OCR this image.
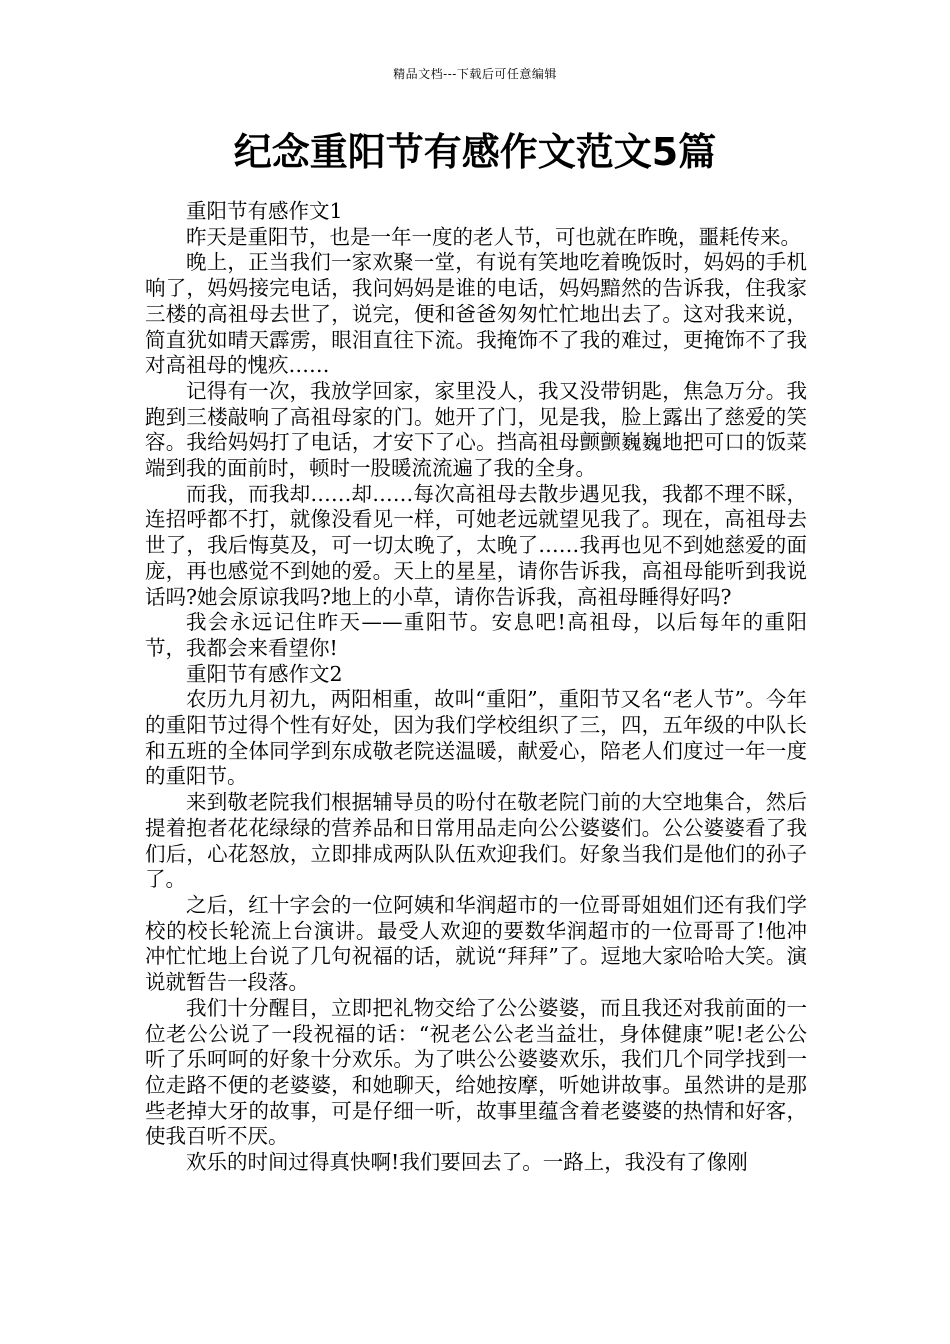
精品文档---下载后可任意编辑
纪念重阳节有感作文范文5篇

重阳节有感作文1

昨天是重阳节，也是一年一度的老人节，可也就在昨晚，噩耗传来。

晚上，正当我们一家欢聚一堂，有说有笑地吃着晚饭时，妈妈的手机响了，妈妈接完电话，我问妈妈是谁的电话，妈妈黯然的告诉我，住我家三楼的高祖母去世了，说完，便和爸爸匆匆忙忙地出去了。这对我来说，简直犹如晴天霹雳，眼泪直往下流。我掩饰不了我的难过，更掩饰不了我对高祖母的愧疚……

记得有一次，我放学回家，家里没人，我又没带钥匙，焦急万分。我跑到三楼敲响了高祖母家的门。她开了门，见是我，脸上露出了慈爱的笑容。我给妈妈打了电话，才安下了心。挡高祖母颤颤巍巍地把可口的饭菜端到我的面前时，顿时一股暖流流遍了我的全身。

而我，而我却……却……每次高祖母去散步遇见我，我都不理不睬，连招呼都不打，就像没看见一样，可她老远就望见我了。现在，高祖母去世了，我后悔莫及，可一切太晚了，太晚了……我再也见不到她慈爱的面庞，再也感觉不到她的爱。天上的星星，请你告诉我，高祖母能听到我说话吗?她会原谅我吗?地上的小草，请你告诉我，高祖母睡得好吗?

我会永远记住昨天——重阳节。安息吧!高祖母，以后每年的重阳节，我都会来看望你!

重阳节有感作文2

农历九月初九，两阳相重，故叫“重阳”，重阳节又名“老人节”。今年的重阳节过得个性有好处，因为我们学校组织了三，四，五年级的中队长和五班的全体同学到东成敬老院送温暖，献爱心，陪老人们度过一年一度的重阳节。

来到敬老院我们根据辅导员的吩付在敬老院门前的大空地集合，然后提着抱者花花绿绿的营养品和日常用品走向公公婆婆们。公公婆婆看了我们后，心花怒放，立即排成两队队伍欢迎我们。好象当我们是他们的孙子了。

之后，红十字会的一位阿姨和华润超市的一位哥哥姐姐们还有我们学校的校长轮流上台演讲。最受人欢迎的要数华润超市的一位哥哥了!他冲冲忙忙地上台说了几句祝福的话，就说“拜拜”了。逗地大家哈哈大笑。演说就暂告一段落。

我们十分醒目，立即把礼物交给了公公婆婆，而且我还对我前面的一位老公公说了一段祝福的话：“祝老公公老当益壮，身体健康”呢!老公公听了乐呵呵的好象十分欢乐。为了哄公公婆婆欢乐，我们几个同学找到一位走路不便的老婆婆，和她聊天，给她按摩，听她讲故事。虽然讲的是那些老掉大牙的故事，可是仔细一听，故事里蕴含着老婆婆的热情和好客，使我百听不厌。

欢乐的时间过得真快啊!我们要回去了。一路上，我没有了像刚
